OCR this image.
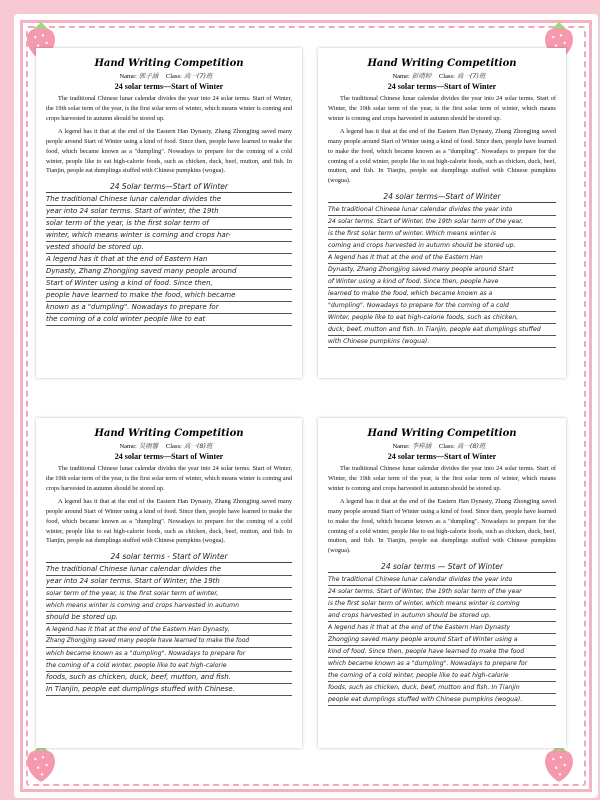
Hand Writing Competition
Name: 郭子涵 Class: 高一(7)班
24 solar terms—Start of Winter

The traditional Chinese lunar calendar divides the year into 24 solar terms. Start of Winter, the 19th solar term of the year, is the first solar term of winter, which means winter is coming and crops harvested in autumn should be stored up.

A legend has it that at the end of the Eastern Han Dynasty, Zhang Zhongjing saved many people around Start of Winter using a kind of food. Since then, people have learned to make the food, which became known as a "dumpling". Nowadays to prepare for the coming of a cold winter, people like to eat high-calorie foods, such as chicken, duck, beef, mutton, and fish. In Tianjin, people eat dumplings stuffed with Chinese pumpkins (wogua).

24 Solar terms—Start of Winter
The traditional Chinese lunar calendar divides the
year into 24 solar terms. Start of winter, the 19th
solar term of the year, is the first solar term of
winter, which means winter is coming and crops har-
vested should be stored up.
A legend has it that at the end of Eastern Han
Dynasty, Zhang Zhongjing saved many people around
Start of Winter using a kind of food. Since then,
people have learned to make the food, which became
known as a "dumpling". Nowadays to prepare for
the coming of a cold winter people like to eat
Hand Writing Competition
Name: 彭靖婷 Class: 高一(7)班
24 solar terms—Start of Winter

The traditional Chinese lunar calendar divides the year into 24 solar terms. Start of Winter, the 19th solar term of the year, is the first solar term of winter, which means winter is coming and crops harvested in autumn should be stored up.

A legend has it that at the end of the Eastern Han Dynasty, Zhang Zhongjing saved many people around Start of Winter using a kind of food. Since then, people have learned to make the food, which became known as a "dumpling". Nowadays to prepare for the coming of a cold winter, people like to eat high-calorie foods, such as chicken, duck, beef, mutton, and fish. In Tianjin, people eat dumplings stuffed with Chinese pumpkins (wogua).

24 solar terms—Start of Winter
The traditional Chinese lunar calendar divides the year into
24 solar terms. Start of Winter, the 19th solar term of the year,
is the first solar term of winter. Which means winter is
coming and crops harvested in autumn should be stored up.
A legend has it that at the end of the Eastern Han
Dynasty, Zhang Zhongjing saved many people around Start
of Winter using a kind of food. Since then, people have
learned to make the food, which became known as a
"dumpling". Nowadays to prepare for the coming of a cold
Winter, people like to eat high-calorie foods, such as chicken,
duck, beef, mutton and fish. In Tianjin, people eat dumplings stuffed
with Chinese pumpkins (wogua).
Hand Writing Competition
Name: 吴雨馨 Class: 高一(8)班
24 solar terms—Start of Winter

The traditional Chinese lunar calendar divides the year into 24 solar terms. Start of Winter, the 19th solar term of the year, is the first solar term of winter, which means winter is coming and crops harvested in autumn should be stored up.

A legend has it that at the end of the Eastern Han Dynasty, Zhang Zhongjing saved many people around Start of Winter using a kind of food. Since then, people have learned to make the food, which became known as a "dumpling". Nowadays to prepare for the coming of a cold winter, people like to eat high-calorie foods, such as chicken, duck, beef, mutton, and fish. In Tianjin, people eat dumplings stuffed with Chinese pumpkins (wogua).

24 solar terms - Start of Winter
The traditional Chinese lunar calendar divides the
year into 24 solar terms. Start of Winter, the 19th
solar term of the year, is the first solar term of winter,
which means winter is coming and crops harvested in autumn
should be stored up.
A legend has it that at the end of the Eastern Han Dynasty,
Zhang Zhongjing saved many people have learned to make the food
which became known as a "dumpling". Nowadays to prepare for
the coming of a cold winter, people like to eat high-calorie
foods, such as chicken, duck, beef, mutton, and fish.
In Tianjin, people eat dumplings stuffed with Chinese.
Hand Writing Competition
Name: 李梓涵 Class: 高一(8)班
24 solar terms—Start of Winter

The traditional Chinese lunar calendar divides the year into 24 solar terms. Start of Winter, the 19th solar term of the year, is the first solar term of winter, which means winter is coming and crops harvested in autumn should be stored up.

A legend has it that at the end of the Eastern Han Dynasty, Zhang Zhongjing saved many people around Start of Winter using a kind of food. Since then, people have learned to make the food, which became known as a "dumpling". Nowadays to prepare for the coming of a cold winter, people like to eat high-calorie foods, such as chicken, duck, beef, mutton, and fish. In Tianjin, people eat dumplings stuffed with Chinese pumpkins (wogua).

24 solar terms — Start of Winter
The traditional Chinese lunar calendar divides the year into
24 solar terms. Start of Winter, the 19th solar term of the year
is the first solar term of winter, which means winter is coming
and crops harvested in autumn should be stored up.
A legend has it that at the end of the Eastern Han Dynasty
Zhongjing saved many people around Start of Winter using a
kind of food. Since then, people have learned to make the food
which became known as a "dumpling". Nowadays to prepare for
the coming of a cold winter, people like to eat high-calorie
foods, such as chicken, duck, beef, mutton and fish. In Tianjin
people eat dumplings stuffed with Chinese pumpkins (wogua).
